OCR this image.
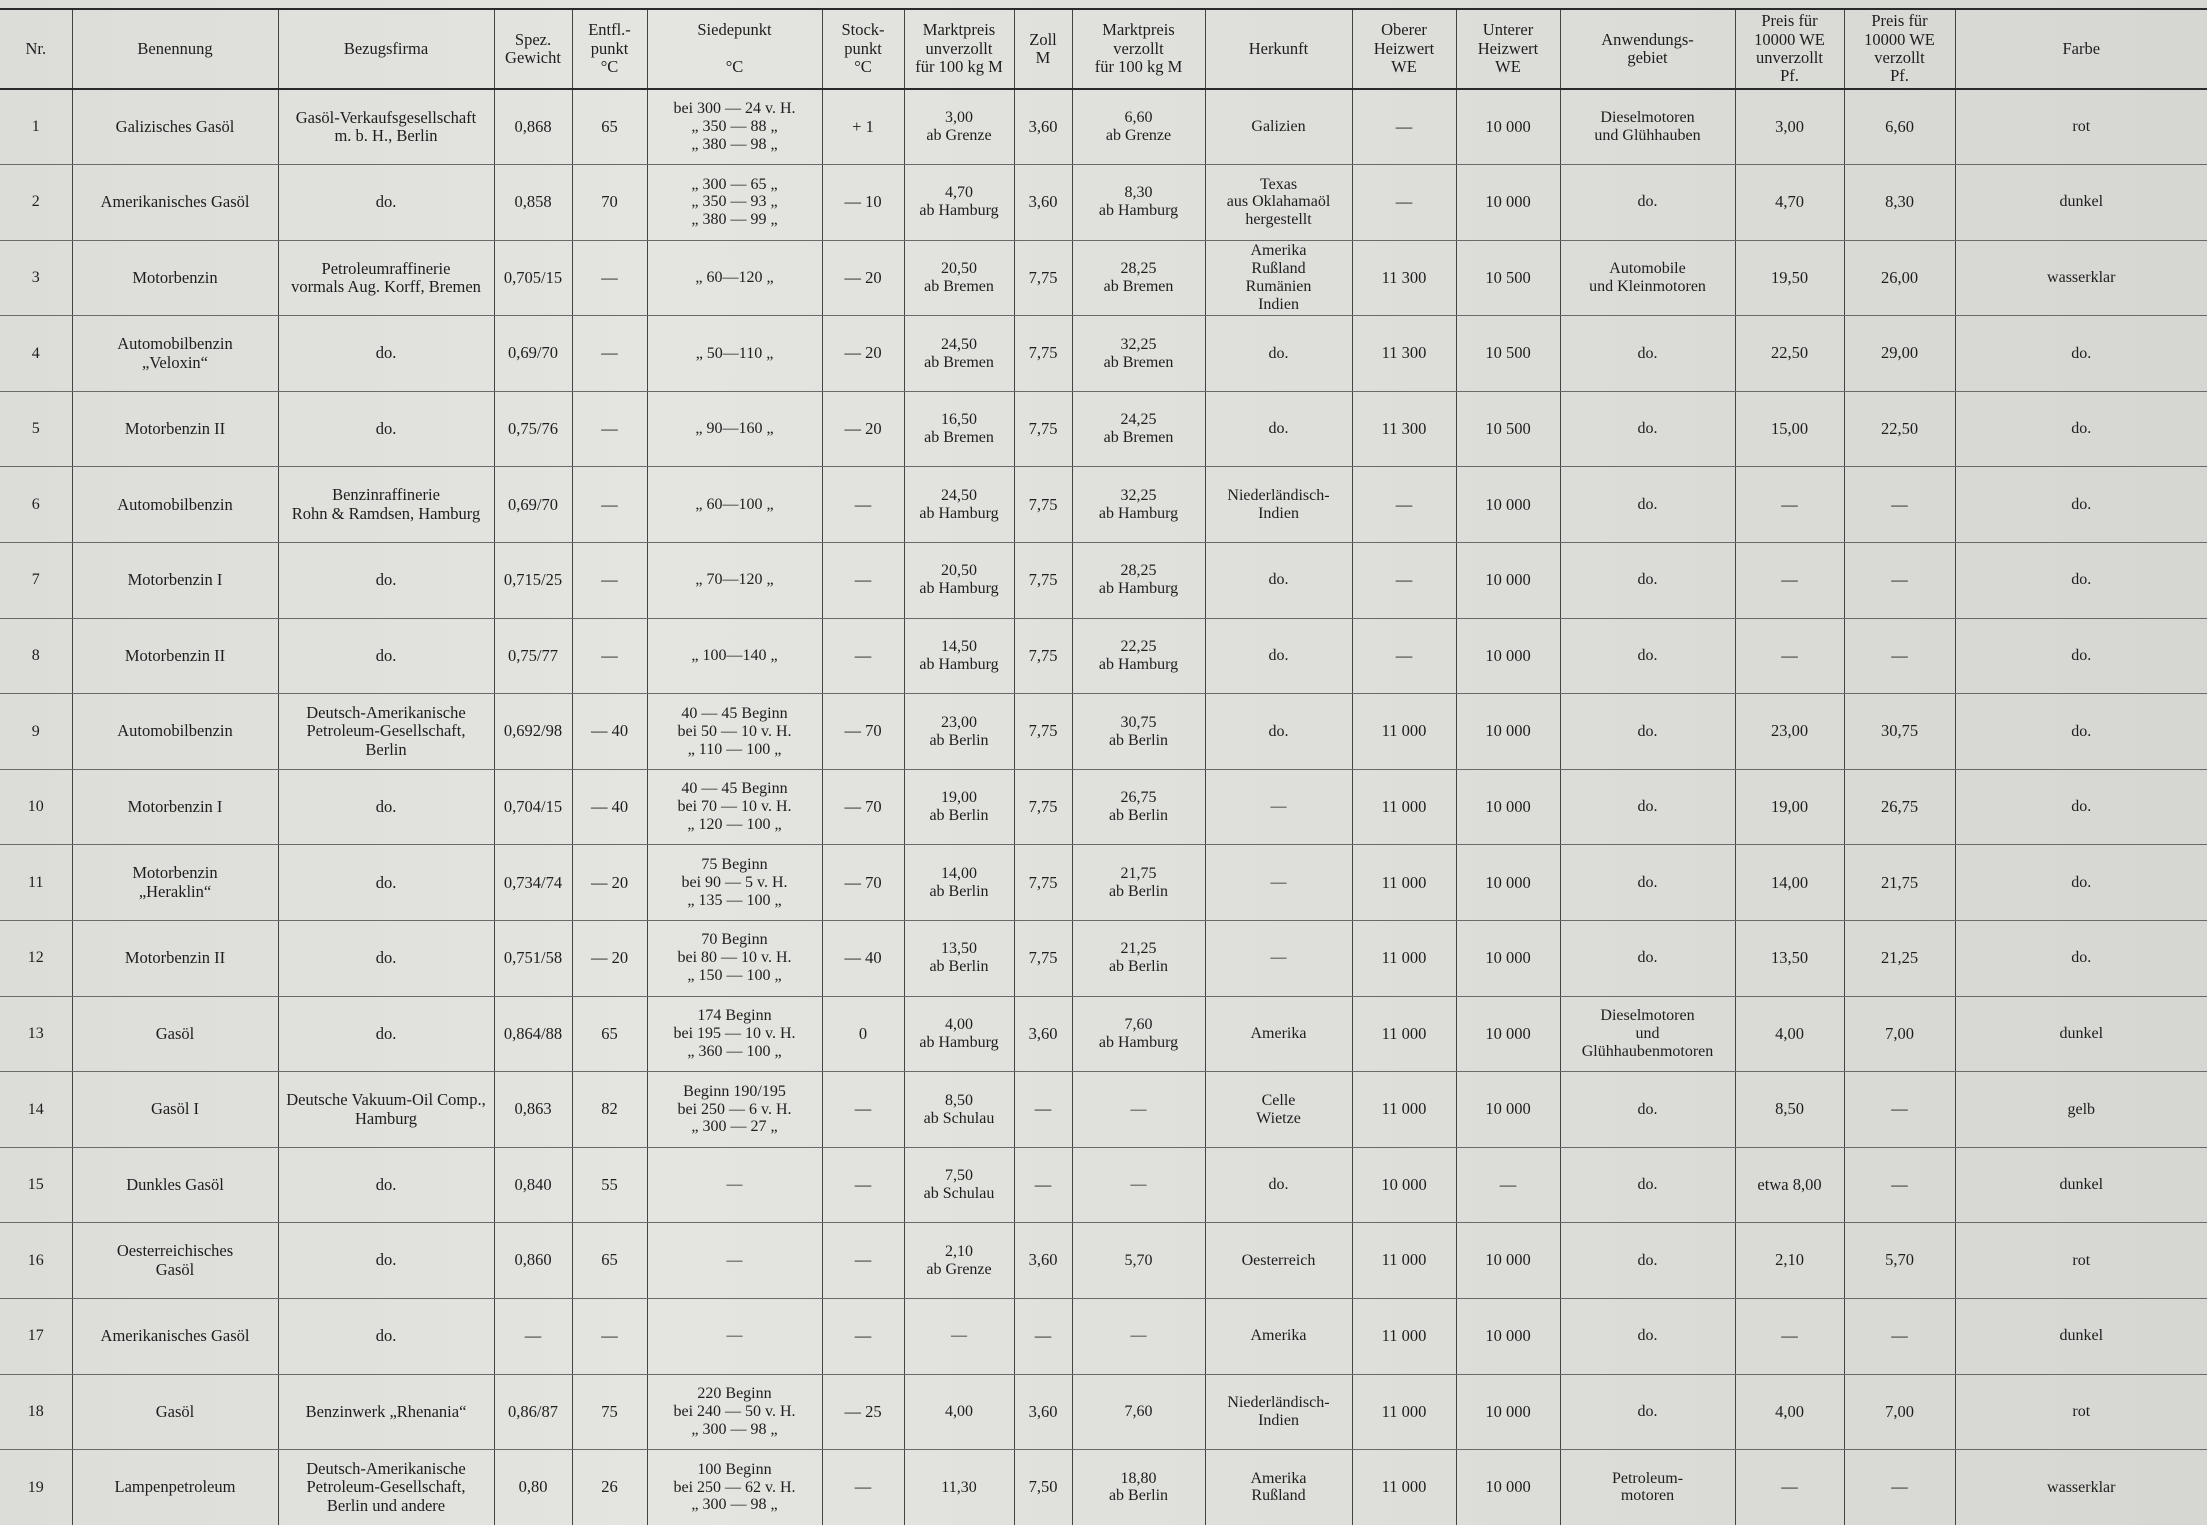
Nr.	Benennung	Bezugsfirma	Spez.
Gewicht	Entfl.-
punkt
°C	Siedepunkt

°C	Stock-
punkt
°C	Marktpreis
unverzollt
für 100 kg M	Zoll
M	Marktpreis
verzollt
für 100 kg M	Herkunft	Oberer
Heizwert
WE	Unterer
Heizwert
WE	Anwendungs-
gebiet	Preis für
10000 WE
unverzollt
Pf.	Preis für
10000 WE
verzollt
Pf.	Farbe
1	Galizisches Gasöl	Gasöl-Verkaufsgesellschaft
m. b. H., Berlin	0,868	65	bei 300 — 24 v. H.
„ 350 — 88 „
„ 380 — 98 „	+ 1	3,00
ab Grenze	3,60	6,60
ab Grenze	Galizien	—	10 000	Dieselmotoren
und Glühhauben	3,00	6,60	rot
2	Amerikanisches Gasöl	do.	0,858	70	„ 300 — 65 „
„ 350 — 93 „
„ 380 — 99 „	— 10	4,70
ab Hamburg	3,60	8,30
ab Hamburg	Texas
aus Oklahamaöl
hergestellt	—	10 000	do.	4,70	8,30	dunkel
3	Motorbenzin	Petroleumraffinerie
vormals Aug. Korff, Bremen	0,705/15	—	„ 60—120 „	— 20	20,50
ab Bremen	7,75	28,25
ab Bremen	Amerika
Rußland
Rumänien
Indien	11 300	10 500	Automobile
und Kleinmotoren	19,50	26,00	wasserklar
4	Automobilbenzin
„Veloxin“	do.	0,69/70	—	„ 50—110 „	— 20	24,50
ab Bremen	7,75	32,25
ab Bremen	do.	11 300	10 500	do.	22,50	29,00	do.
5	Motorbenzin II	do.	0,75/76	—	„ 90—160 „	— 20	16,50
ab Bremen	7,75	24,25
ab Bremen	do.	11 300	10 500	do.	15,00	22,50	do.
6	Automobilbenzin	Benzinraffinerie
Rohn & Ramdsen, Hamburg	0,69/70	—	„ 60—100 „	—	24,50
ab Hamburg	7,75	32,25
ab Hamburg	Niederländisch-
Indien	—	10 000	do.	—	—	do.
7	Motorbenzin I	do.	0,715/25	—	„ 70—120 „	—	20,50
ab Hamburg	7,75	28,25
ab Hamburg	do.	—	10 000	do.	—	—	do.
8	Motorbenzin II	do.	0,75/77	—	„ 100—140 „	—	14,50
ab Hamburg	7,75	22,25
ab Hamburg	do.	—	10 000	do.	—	—	do.
9	Automobilbenzin	Deutsch-Amerikanische
Petroleum-Gesellschaft,
Berlin	0,692/98	— 40	40 — 45 Beginn
bei 50 — 10 v. H.
„ 110 — 100 „	— 70	23,00
ab Berlin	7,75	30,75
ab Berlin	do.	11 000	10 000	do.	23,00	30,75	do.
10	Motorbenzin I	do.	0,704/15	— 40	40 — 45 Beginn
bei 70 — 10 v. H.
„ 120 — 100 „	— 70	19,00
ab Berlin	7,75	26,75
ab Berlin	—	11 000	10 000	do.	19,00	26,75	do.
11	Motorbenzin
„Heraklin“	do.	0,734/74	— 20	75 Beginn
bei 90 — 5 v. H.
„ 135 — 100 „	— 70	14,00
ab Berlin	7,75	21,75
ab Berlin	—	11 000	10 000	do.	14,00	21,75	do.
12	Motorbenzin II	do.	0,751/58	— 20	70 Beginn
bei 80 — 10 v. H.
„ 150 — 100 „	— 40	13,50
ab Berlin	7,75	21,25
ab Berlin	—	11 000	10 000	do.	13,50	21,25	do.
13	Gasöl	do.	0,864/88	65	174 Beginn
bei 195 — 10 v. H.
„ 360 — 100 „	0	4,00
ab Hamburg	3,60	7,60
ab Hamburg	Amerika	11 000	10 000	Dieselmotoren
und
Glühhaubenmotoren	4,00	7,00	dunkel
14	Gasöl I	Deutsche Vakuum-Oil Comp.,
Hamburg	0,863	82	Beginn 190/195
bei 250 — 6 v. H.
„ 300 — 27 „	—	8,50
ab Schulau	—	—	Celle
Wietze	11 000	10 000	do.	8,50	—	gelb
15	Dunkles Gasöl	do.	0,840	55	—	—	7,50
ab Schulau	—	—	do.	10 000	—	do.	etwa 8,00	—	dunkel
16	Oesterreichisches
Gasöl	do.	0,860	65	—	—	2,10
ab Grenze	3,60	5,70	Oesterreich	11 000	10 000	do.	2,10	5,70	rot
17	Amerikanisches Gasöl	do.	—	—	—	—	—	—	—	Amerika	11 000	10 000	do.	—	—	dunkel
18	Gasöl	Benzinwerk „Rhenania“	0,86/87	75	220 Beginn
bei 240 — 50 v. H.
„ 300 — 98 „	— 25	4,00	3,60	7,60	Niederländisch-
Indien	11 000	10 000	do.	4,00	7,00	rot
19	Lampenpetroleum	Deutsch-Amerikanische
Petroleum-Gesellschaft,
Berlin und andere	0,80	26	100 Beginn
bei 250 — 62 v. H.
„ 300 — 98 „	—	11,30	7,50	18,80
ab Berlin	Amerika
Rußland	11 000	10 000	Petroleum-
motoren	—	—	wasserklar
